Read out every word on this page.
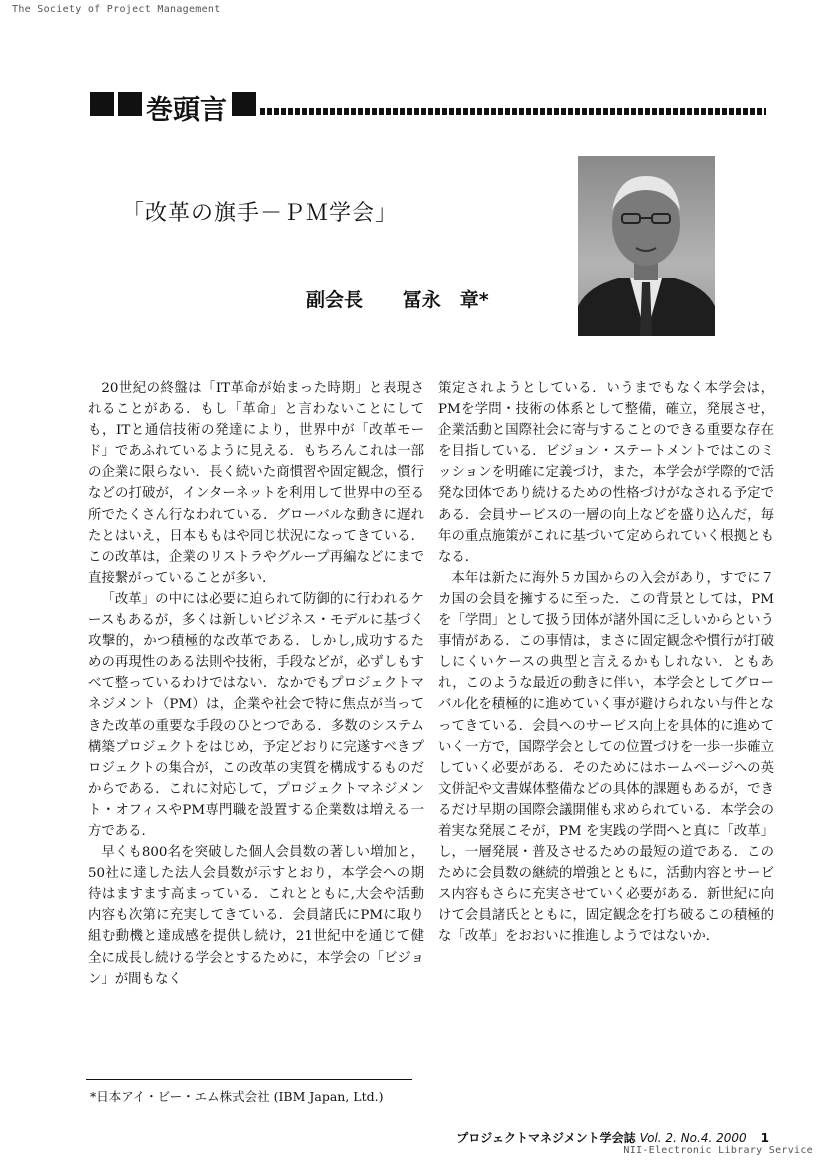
The Society of Project Management
巻頭言
「改革の旗手－ＰＭ学会」
副会長 冨永　章*

20世紀の終盤は「IT革命が始まった時期」と表現されることがある．もし「革命」と言わないことにしても，ITと通信技術の発達により，世界中が「改革モード」であふれているように見える．もちろんこれは一部の企業に限らない．長く続いた商慣習や固定観念，慣行などの打破が，インターネットを利用して世界中の至る所でたくさん行なわれている．グローバルな動きに遅れたとはいえ，日本ももはや同じ状況になってきている．この改革は，企業のリストラやグループ再編などにまで直接繋がっていることが多い．

「改革」の中には必要に迫られて防御的に行われるケースもあるが，多くは新しいビジネス・モデルに基づく攻撃的，かつ積極的な改革である．しかし,成功するための再現性のある法則や技術，手段などが，必ずしもすべて整っているわけではない．なかでもプロジェクトマネジメント（PM）は，企業や社会で特に焦点が当ってきた改革の重要な手段のひとつである．多数のシステム構築プロジェクトをはじめ，予定どおりに完遂すべきプロジェクトの集合が，この改革の実質を構成するものだからである．これに対応して，プロジェクトマネジメント・オフィスやPM専門職を設置する企業数は増える一方である．

早くも800名を突破した個人会員数の著しい増加と，50社に達した法人会員数が示すとおり，本学会への期待はますます高まっている．これとともに,大会や活動内容も次第に充実してきている．会員諸氏にPMに取り組む動機と達成感を提供し続け，21世紀中を通じて健全に成長し続ける学会とするために，本学会の「ビジョン」が間もなく

策定されようとしている．いうまでもなく本学会は，PMを学問・技術の体系として整備，確立，発展させ，企業活動と国際社会に寄与することのできる重要な存在を目指している．ビジョン・ステートメントではこのミッションを明確に定義づけ，また，本学会が学際的で活発な団体であり続けるための性格づけがなされる予定である．会員サービスの一層の向上などを盛り込んだ，毎年の重点施策がこれに基づいて定められていく根拠ともなる．

本年は新たに海外５カ国からの入会があり，すでに７カ国の会員を擁するに至った．この背景としては，PM を「学問」として扱う団体が諸外国に乏しいからという事情がある．この事情は，まさに固定観念や慣行が打破しにくいケースの典型と言えるかもしれない．ともあれ，このような最近の動きに伴い，本学会としてグローバル化を積極的に進めていく事が避けられない与件となってきている．会員へのサービス向上を具体的に進めていく一方で，国際学会としての位置づけを一歩一歩確立していく必要がある．そのためにはホームページへの英文併記や文書媒体整備などの具体的課題もあるが，できるだけ早期の国際会議開催も求められている．本学会の着実な発展こそが，PM を実践の学問へと真に「改革」し，一層発展・普及させるための最短の道である．このために会員数の継続的増強とともに，活動内容とサービス内容もさらに充実させていく必要がある．新世紀に向けて会員諸氏とともに，固定観念を打ち破るこの積極的な「改革」をおおいに推進しようではないか．

*日本アイ・ビー・エム株式会社 (IBM Japan, Ltd.)
プロジェクトマネジメント学会誌 Vol. 2. No.4. 2000 1
NII-Electronic Library Service
